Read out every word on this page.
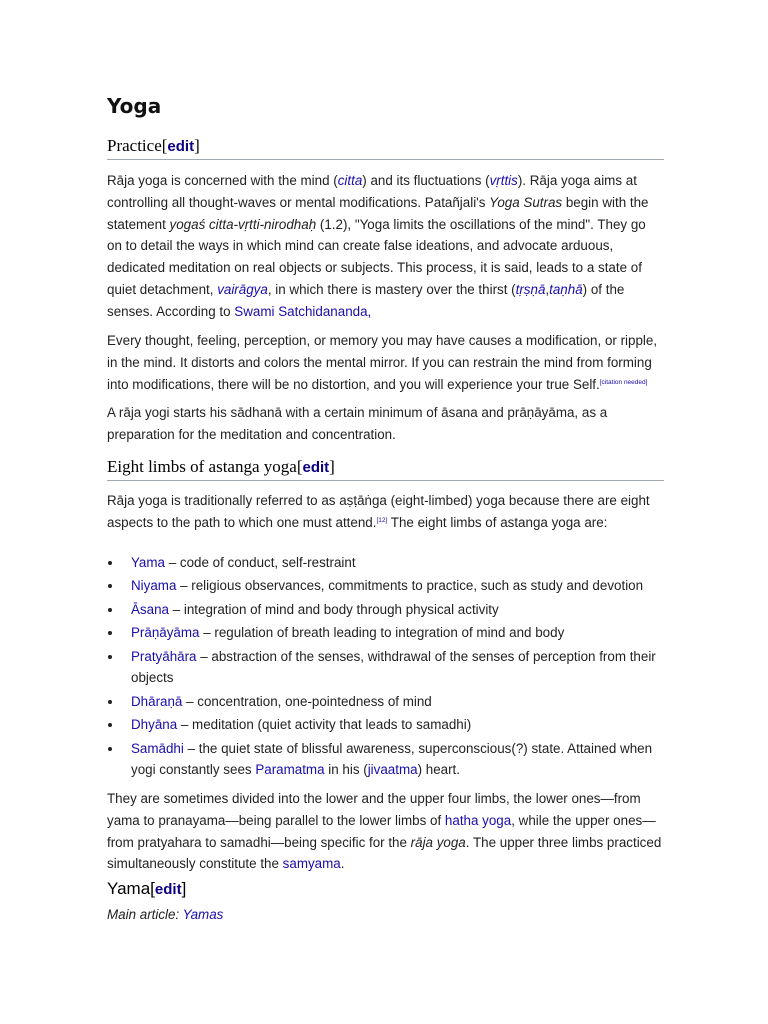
Yoga
Practice[edit]

Rāja yoga is concerned with the mind (citta) and its fluctuations (vṛttis). Rāja yoga aims at controlling all thought-waves or mental modifications. Patañjali's Yoga Sutras begin with the statement yogaś citta-vṛtti-nirodhaḥ (1.2), "Yoga limits the oscillations of the mind". They go on to detail the ways in which mind can create false ideations, and advocate arduous, dedicated meditation on real objects or subjects. This process, it is said, leads to a state of quiet detachment, vairāgya, in which there is mastery over the thirst (tṛṣṇā,taṇhā) of the senses. According to Swami Satchidananda,

Every thought, feeling, perception, or memory you may have causes a modification, or ripple, in the mind. It distorts and colors the mental mirror. If you can restrain the mind from forming into modifications, there will be no distortion, and you will experience your true Self.[citation needed]

A rāja yogi starts his sādhanā with a certain minimum of āsana and prāṇāyāma, as a preparation for the meditation and concentration.

Eight limbs of astanga yoga[edit]

Rāja yoga is traditionally referred to as aṣṭāṅga (eight-limbed) yoga because there are eight aspects to the path to which one must attend.[12] The eight limbs of astanga yoga are:

Yama – code of conduct, self-restraint
Niyama – religious observances, commitments to practice, such as study and devotion
Āsana – integration of mind and body through physical activity
Prāṇāyāma – regulation of breath leading to integration of mind and body
Pratyāhāra – abstraction of the senses, withdrawal of the senses of perception from their objects
Dhāraṇā – concentration, one-pointedness of mind
Dhyāna – meditation (quiet activity that leads to samadhi)
Samādhi – the quiet state of blissful awareness, superconscious(?) state. Attained when yogi constantly sees Paramatma in his (jivaatma) heart.

They are sometimes divided into the lower and the upper four limbs, the lower ones—from yama to pranayama—being parallel to the lower limbs of hatha yoga, while the upper ones—from pratyahara to samadhi—being specific for the rāja yoga. The upper three limbs practiced simultaneously constitute the samyama.

Yama[edit]
Main article: Yamas
